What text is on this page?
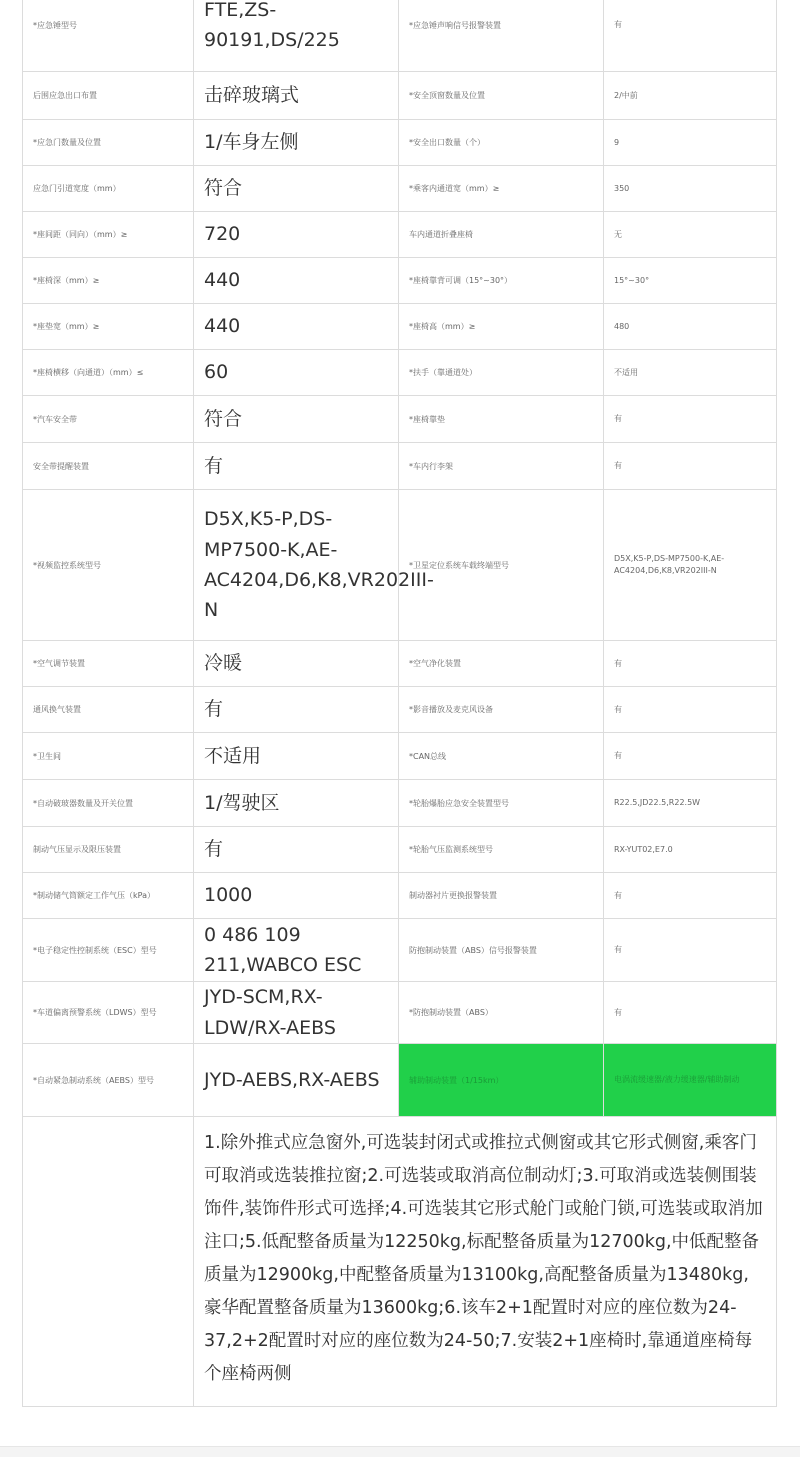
*应急锤型号	FTE,ZS-90191,DS/225	*应急锤声响信号报警装置	有
后围应急出口布置	击碎玻璃式	*安全顶窗数量及位置	2/中前
*应急门数量及位置	1/车身左侧	*安全出口数量（个）	9
应急门引道宽度（mm）	符合	*乘客内通道宽（mm）≥	350
*座间距（同向）（mm）≥	720	车内通道折叠座椅	无
*座椅深（mm）≥	440	*座椅靠背可调（15°~30°）	15°~30°
*座垫宽（mm）≥	440	*座椅高（mm）≥	480
*座椅横移（向通道）（mm）≤	60	*扶手（靠通道处）	不适用
*汽车安全带	符合	*座椅靠垫	有
安全带提醒装置	有	*车内行李架	有
*视频监控系统型号	D5X,K5-P,DS-MP7500-K,AE-AC4204,D6,K8,VR202III-N	*卫星定位系统车载终端型号	D5X,K5-P,DS-MP7500-K,AE-AC4204,D6,K8,VR202III-N
*空气调节装置	冷暖	*空气净化装置	有
通风换气装置	有	*影音播放及麦克风设备	有
*卫生间	不适用	*CAN总线	有
*自动破玻器数量及开关位置	1/驾驶区	*轮胎爆胎应急安全装置型号	R22.5,JD22.5,R22.5W
制动气压显示及限压装置	有	*轮胎气压监测系统型号	RX-YUT02,E7.0
*制动储气筒额定工作气压（kPa）	1000	制动器衬片更换报警装置	有
*电子稳定性控制系统（ESC）型号	0 486 109 211,WABCO ESC	防抱制动装置（ABS）信号报警装置	有
*车道偏离预警系统（LDWS）型号	JYD-SCM,RX-LDW/RX-AEBS	*防抱制动装置（ABS）	有
*自动紧急制动系统（AEBS）型号	JYD-AEBS,RX-AEBS	辅助制动装置（1/15km）	电涡流缓速器/液力缓速器/辅助制动
	1.除外推式应急窗外,可选装封闭式或推拉式侧窗或其它形式侧窗,乘客门可取消或选装推拉窗;2.可选装或取消高位制动灯;3.可取消或选装侧围装饰件,装饰件形式可选择;4.可选装其它形式舱门或舱门锁,可选装或取消加注口;5.低配整备质量为12250kg,标配整备质量为12700kg,中低配整备质量为12900kg,中配整备质量为13100kg,高配整备质量为13480kg,豪华配置整备质量为13600kg;6.该车2+1配置时对应的座位数为24-37,2+2配置时对应的座位数为24-50;7.安装2+1座椅时,靠通道座椅每个座椅两侧		
